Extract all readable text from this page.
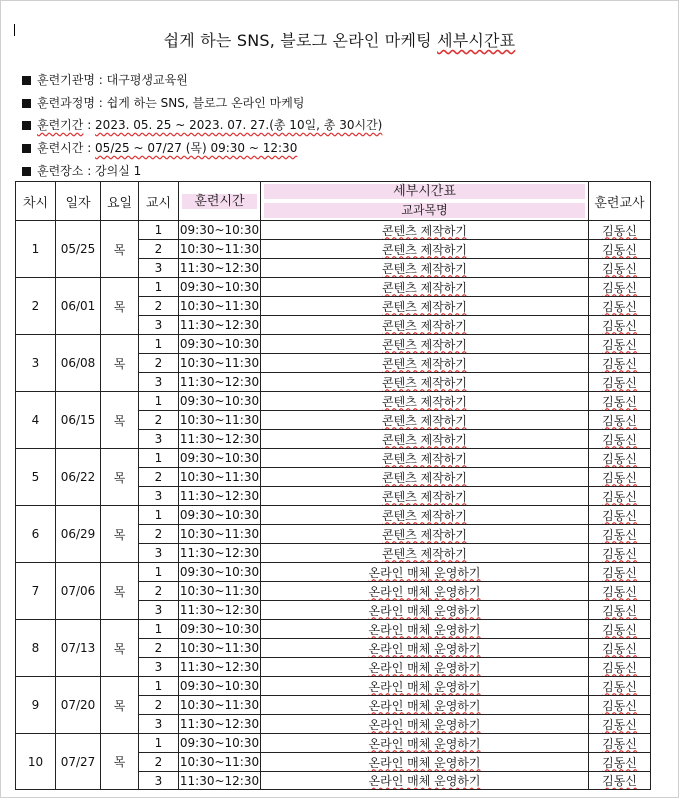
쉽게 하는 SNS, 블로그 온라인 마케팅 세부시간표
훈련기관명 : 대구평생교육원
훈련과정명 : 쉽게 하는 SNS, 블로그 온라인 마케팅
훈련기간 : 2023. 05. 25 ~ 2023. 07. 27.(총 10일, 총 30시간)
훈련시간 : 05/25 ~ 07/27 (목) 09:30 ~ 12:30
훈련장소 : 강의실 1
차시	일자	요일	교시	훈련시간	세부시간표	훈련교사

					교과목명	

1	05/25	목	1	09:30~10:30	콘텐츠 제작하기	김동신
			2	10:30~11:30	콘텐츠 제작하기	김동신
			3	11:30~12:30	콘텐츠 제작하기	김동신
2	06/01	목	1	09:30~10:30	콘텐츠 제작하기	김동신
			2	10:30~11:30	콘텐츠 제작하기	김동신
			3	11:30~12:30	콘텐츠 제작하기	김동신
3	06/08	목	1	09:30~10:30	콘텐츠 제작하기	김동신
			2	10:30~11:30	콘텐츠 제작하기	김동신
			3	11:30~12:30	콘텐츠 제작하기	김동신
4	06/15	목	1	09:30~10:30	콘텐츠 제작하기	김동신
			2	10:30~11:30	콘텐츠 제작하기	김동신
			3	11:30~12:30	콘텐츠 제작하기	김동신
5	06/22	목	1	09:30~10:30	콘텐츠 제작하기	김동신
			2	10:30~11:30	콘텐츠 제작하기	김동신
			3	11:30~12:30	콘텐츠 제작하기	김동신
6	06/29	목	1	09:30~10:30	콘텐츠 제작하기	김동신
			2	10:30~11:30	콘텐츠 제작하기	김동신
			3	11:30~12:30	콘텐츠 제작하기	김동신
7	07/06	목	1	09:30~10:30	온라인 매체 운영하기	김동신
			2	10:30~11:30	온라인 매체 운영하기	김동신
			3	11:30~12:30	온라인 매체 운영하기	김동신
8	07/13	목	1	09:30~10:30	온라인 매체 운영하기	김동신
			2	10:30~11:30	온라인 매체 운영하기	김동신
			3	11:30~12:30	온라인 매체 운영하기	김동신
9	07/20	목	1	09:30~10:30	온라인 매체 운영하기	김동신
			2	10:30~11:30	온라인 매체 운영하기	김동신
			3	11:30~12:30	온라인 매체 운영하기	김동신
10	07/27	목	1	09:30~10:30	온라인 매체 운영하기	김동신
			2	10:30~11:30	온라인 매체 운영하기	김동신
			3	11:30~12:30	온라인 매체 운영하기	김동신
